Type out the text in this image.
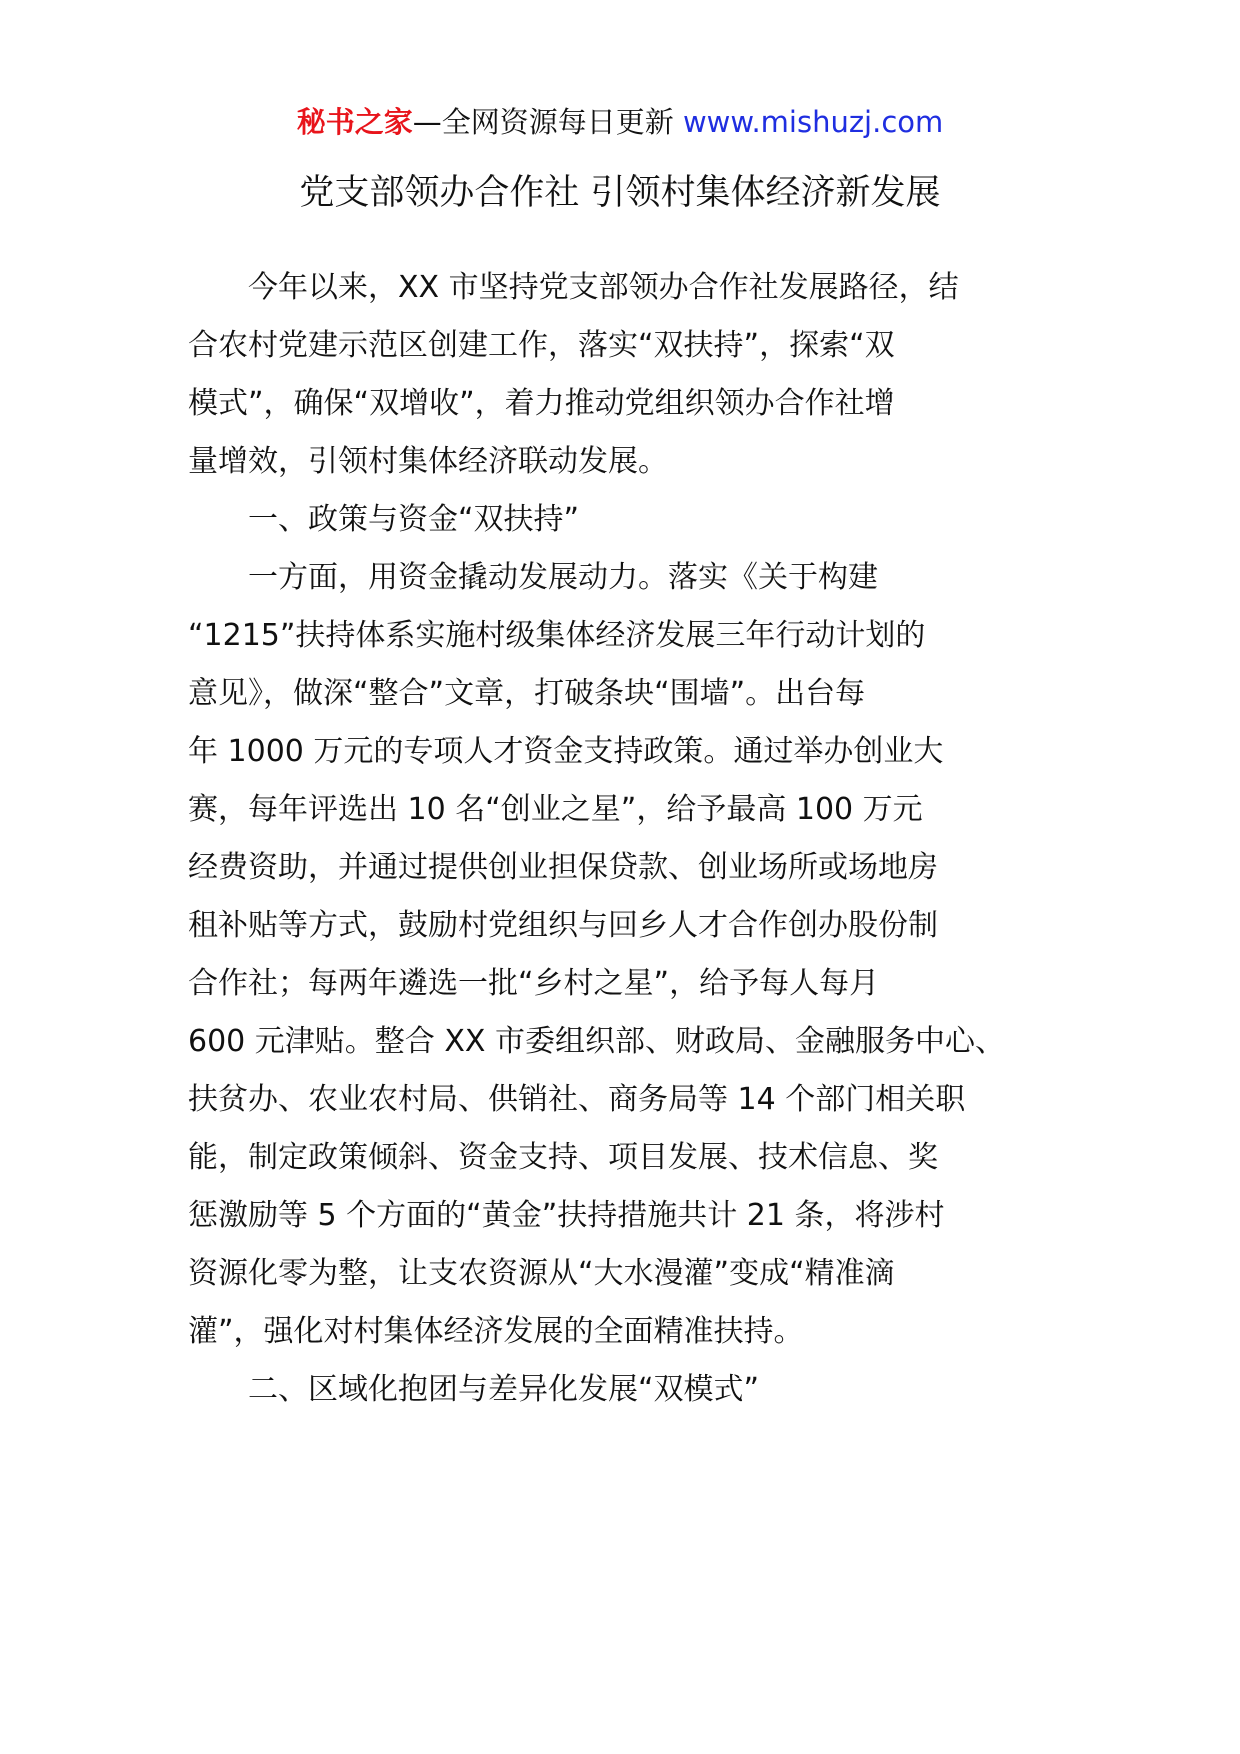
秘书之家—全网资源每日更新 www.mishuzj.com
党支部领办合作社 引领村集体经济新发展
　　今年以来，XX 市坚持党支部领办合作社发展路径，结
合农村党建示范区创建工作，落实“双扶持”，探索“双
模式”，确保“双增收”，着力推动党组织领办合作社增
量增效，引领村集体经济联动发展。
　　一、政策与资金“双扶持”
　　一方面，用资金撬动发展动力。落实《关于构建
“1215”扶持体系实施村级集体经济发展三年行动计划的
意见》，做深“整合”文章，打破条块“围墙”。出台每
年 1000 万元的专项人才资金支持政策。通过举办创业大
赛，每年评选出 10 名“创业之星”，给予最高 100 万元
经费资助，并通过提供创业担保贷款、创业场所或场地房
租补贴等方式，鼓励村党组织与回乡人才合作创办股份制
合作社；每两年遴选一批“乡村之星”，给予每人每月
600 元津贴。整合 XX 市委组织部、财政局、金融服务中心、
扶贫办、农业农村局、供销社、商务局等 14 个部门相关职
能，制定政策倾斜、资金支持、项目发展、技术信息、奖
惩激励等 5 个方面的“黄金”扶持措施共计 21 条，将涉村
资源化零为整，让支农资源从“大水漫灌”变成“精准滴
灌”，强化对村集体经济发展的全面精准扶持。
　　二、区域化抱团与差异化发展“双模式”
